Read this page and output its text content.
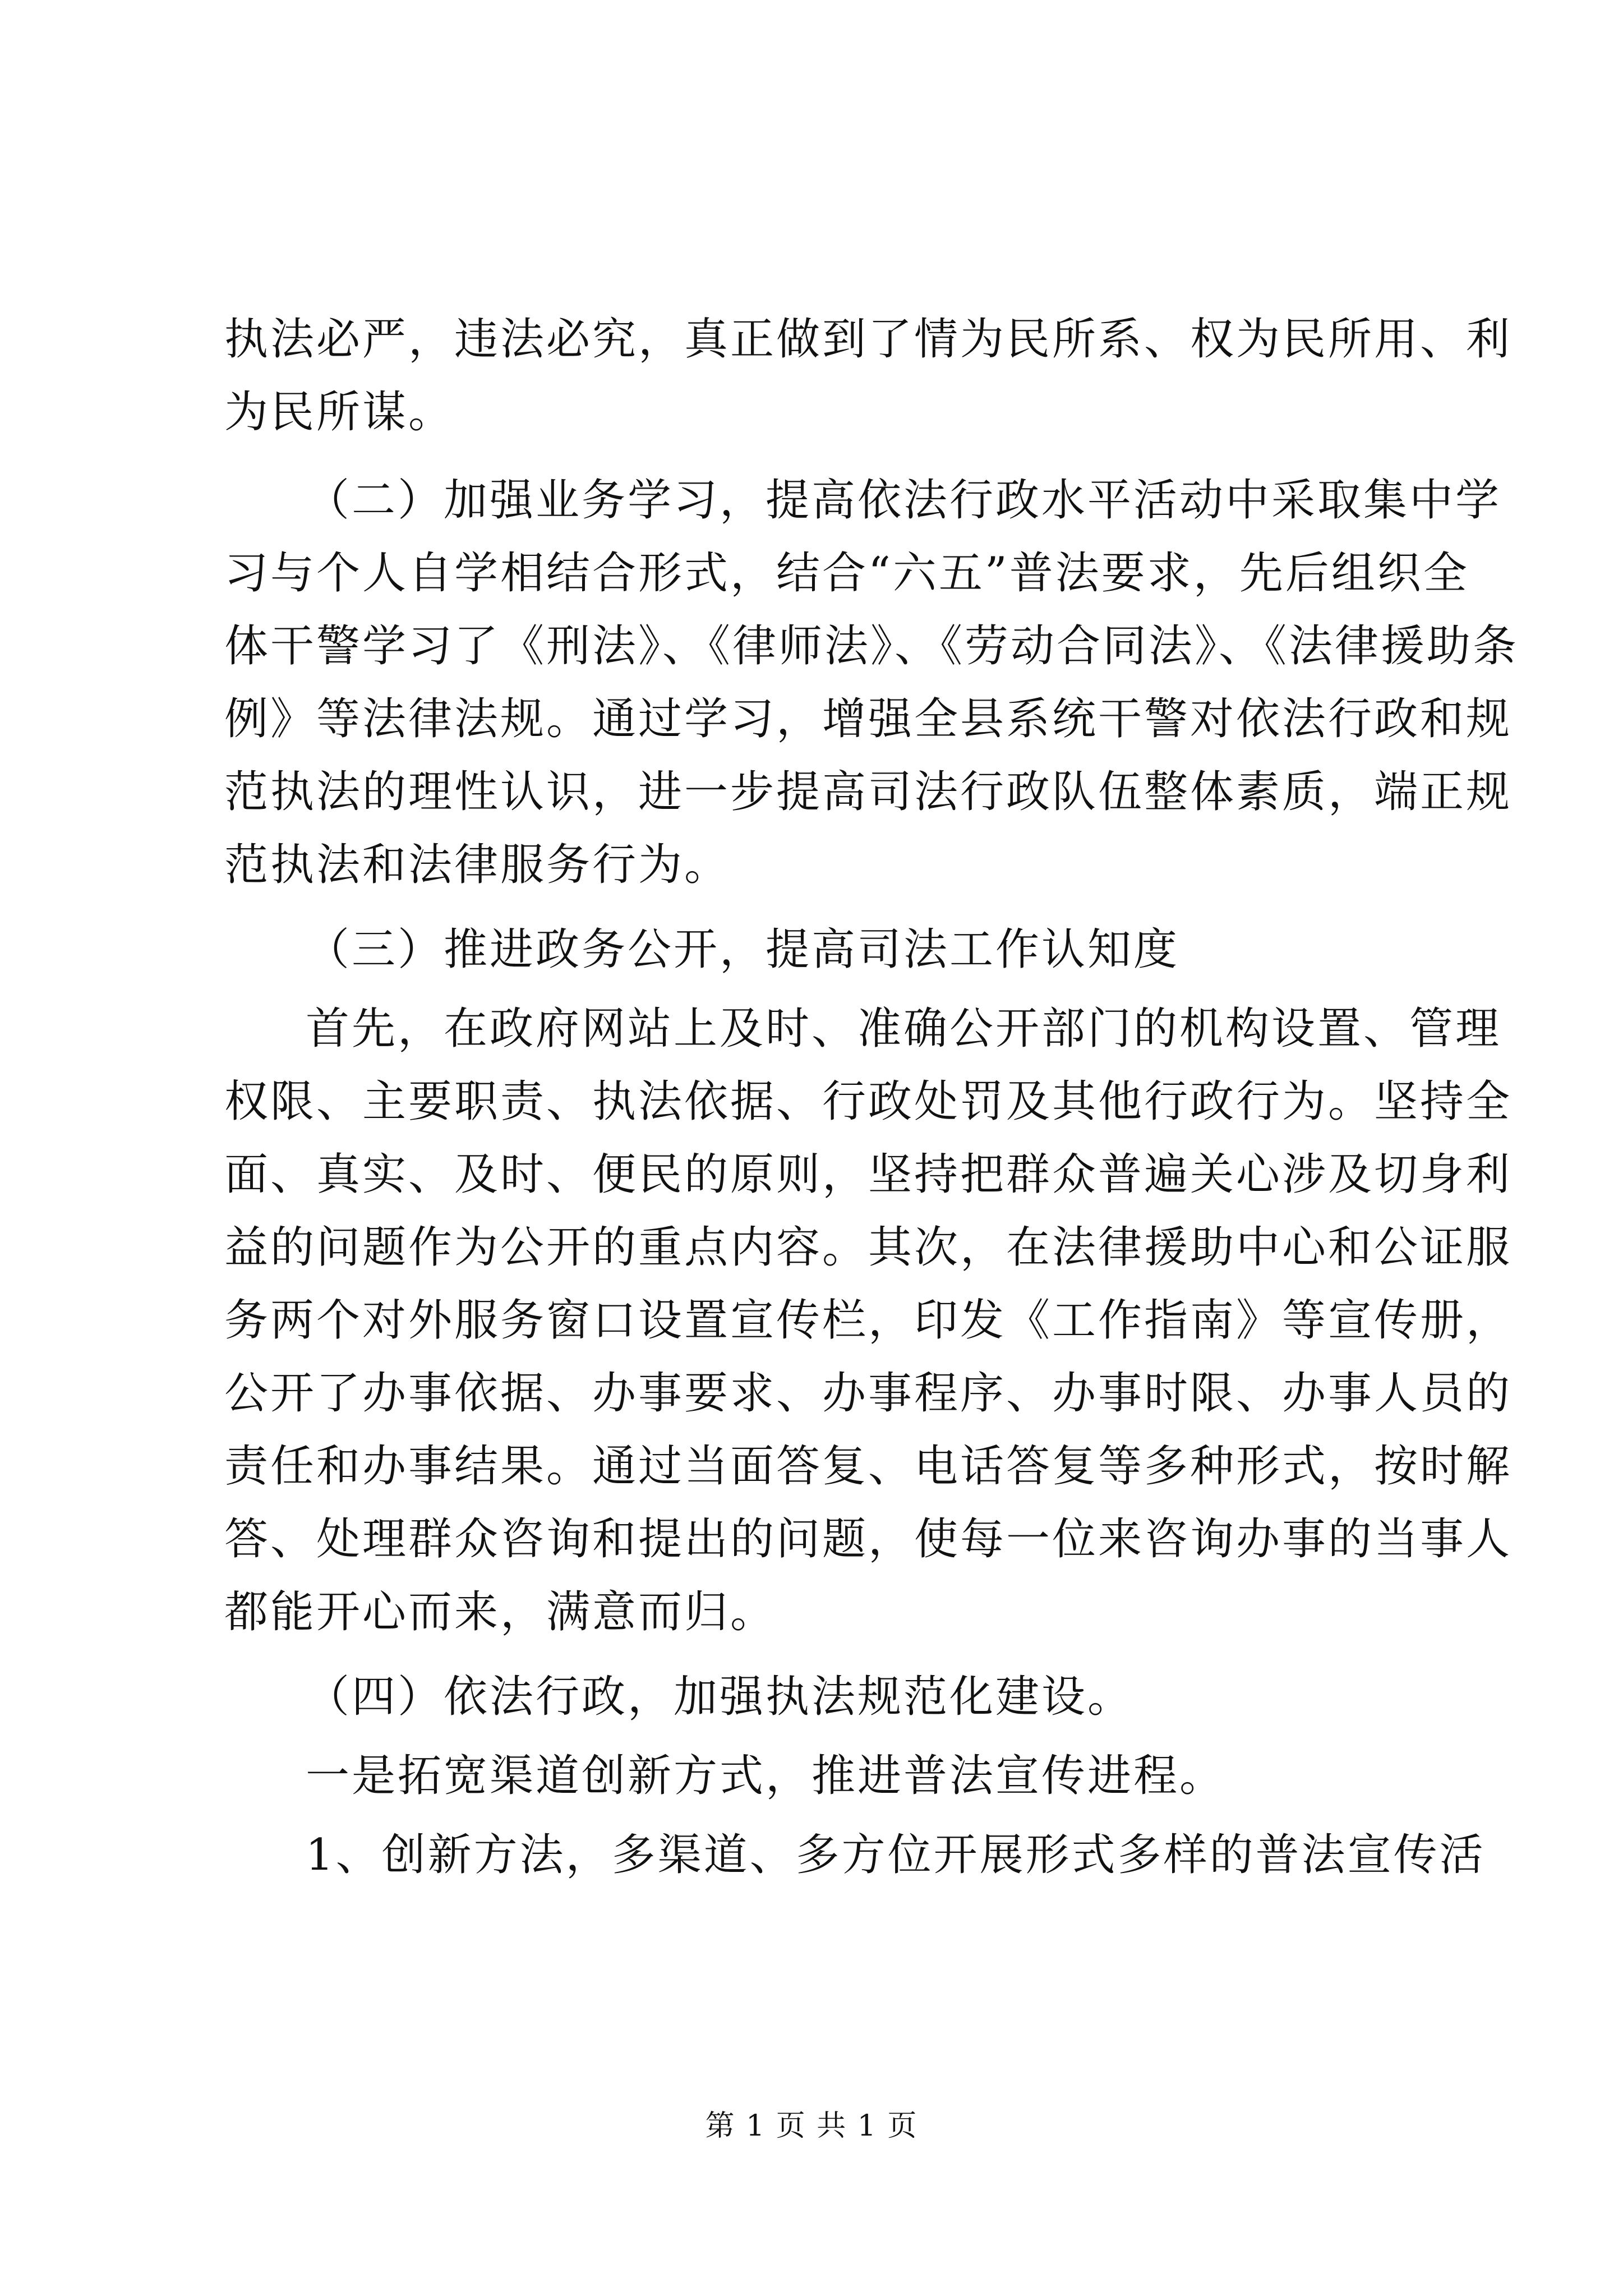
执法必严，违法必究，真正做到了情为民所系、权为民所用、利
为民所谋。
（二）加强业务学习，提高依法行政水平活动中采取集中学
习与个人自学相结合形式，结合“六五”普法要求，先后组织全
体干警学习了《刑法》、《律师法》、《劳动合同法》、《法律援助条
例》等法律法规。通过学习，增强全县系统干警对依法行政和规
范执法的理性认识，进一步提高司法行政队伍整体素质，端正规
范执法和法律服务行为。
（三）推进政务公开，提高司法工作认知度
首先，在政府网站上及时、准确公开部门的机构设置、管理
权限、主要职责、执法依据、行政处罚及其他行政行为。坚持全
面、真实、及时、便民的原则，坚持把群众普遍关心涉及切身利
益的问题作为公开的重点内容。其次，在法律援助中心和公证服
务两个对外服务窗口设置宣传栏，印发《工作指南》等宣传册，
公开了办事依据、办事要求、办事程序、办事时限、办事人员的
责任和办事结果。通过当面答复、电话答复等多种形式，按时解
答、处理群众咨询和提出的问题，使每一位来咨询办事的当事人
都能开心而来，满意而归。
（四）依法行政，加强执法规范化建设。
一是拓宽渠道创新方式，推进普法宣传进程。
1、创新方法，多渠道、多方位开展形式多样的普法宣传活
第 1 页 共 1 页
